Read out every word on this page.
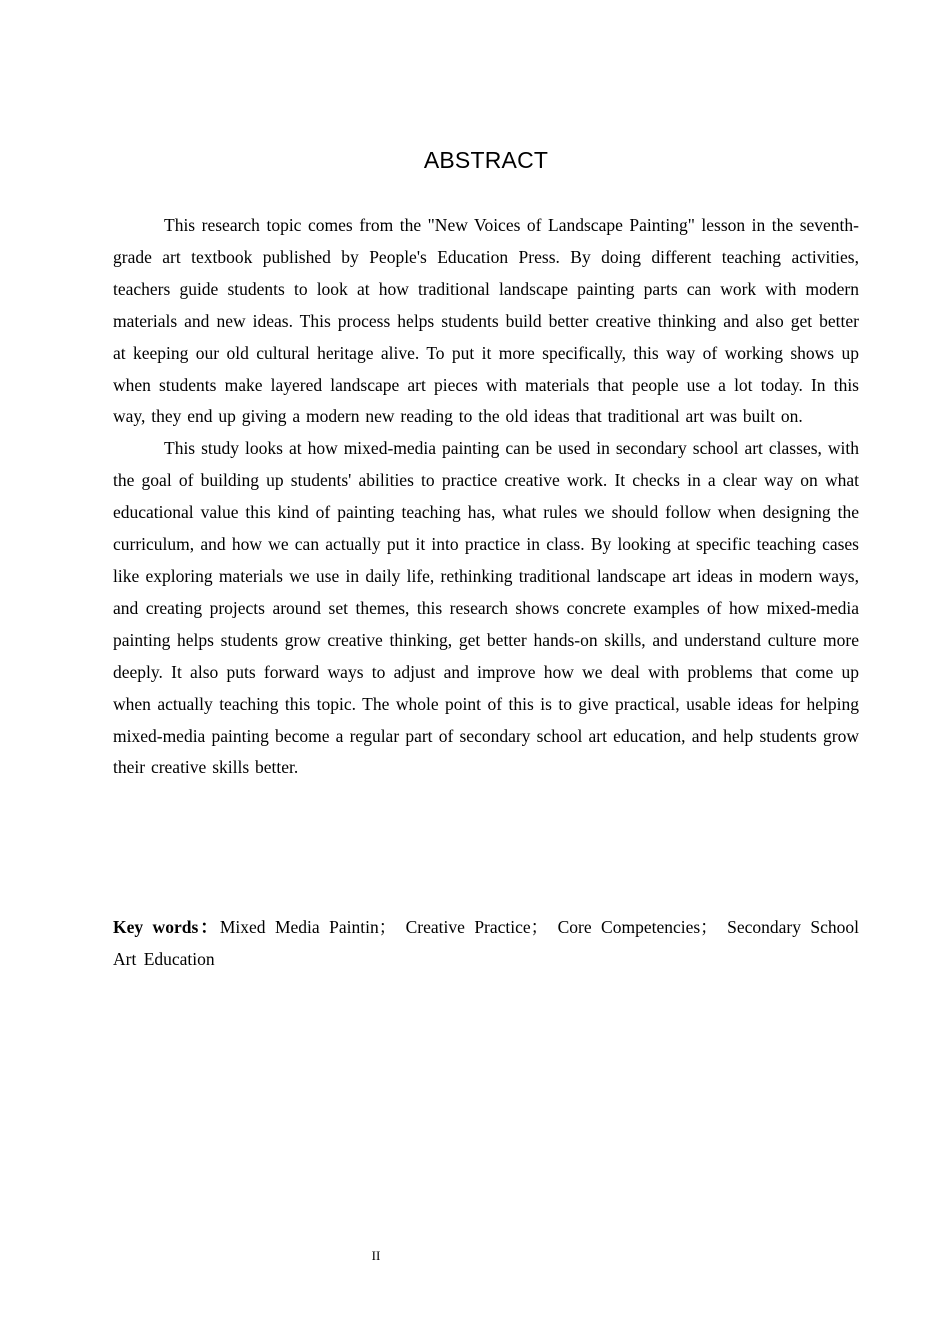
ABSTRACT

This research topic comes from the "New Voices of Landscape Painting" lesson in the seventh-grade art textbook published by People's Education Press. By doing different teaching activities, teachers guide students to look at how traditional landscape painting parts can work with modern materials and new ideas. This process helps students build better creative thinking and also get better at keeping our old cultural heritage alive. To put it more specifically, this way of working shows up when students make layered landscape art pieces with materials that people use a lot today. In this way, they end up giving a modern new reading to the old ideas that traditional art was built on.

This study looks at how mixed-media painting can be used in secondary school art classes, with the goal of building up students' abilities to practice creative work. It checks in a clear way on what educational value this kind of painting teaching has, what rules we should follow when designing the curriculum, and how we can actually put it into practice in class. By looking at specific teaching cases like exploring materials we use in daily life, rethinking traditional landscape art ideas in modern ways, and creating projects around set themes, this research shows concrete examples of how mixed-media painting helps students grow creative thinking, get better hands-on skills, and understand culture more deeply. It also puts forward ways to adjust and improve how we deal with problems that come up when actually teaching this topic. The whole point of this is to give practical, usable ideas for helping mixed-media painting become a regular part of secondary school art education, and help students grow their creative skills better.

Key words：Mixed Media Paintin； Creative Practice； Core Competencies； Secondary School Art Education
II
